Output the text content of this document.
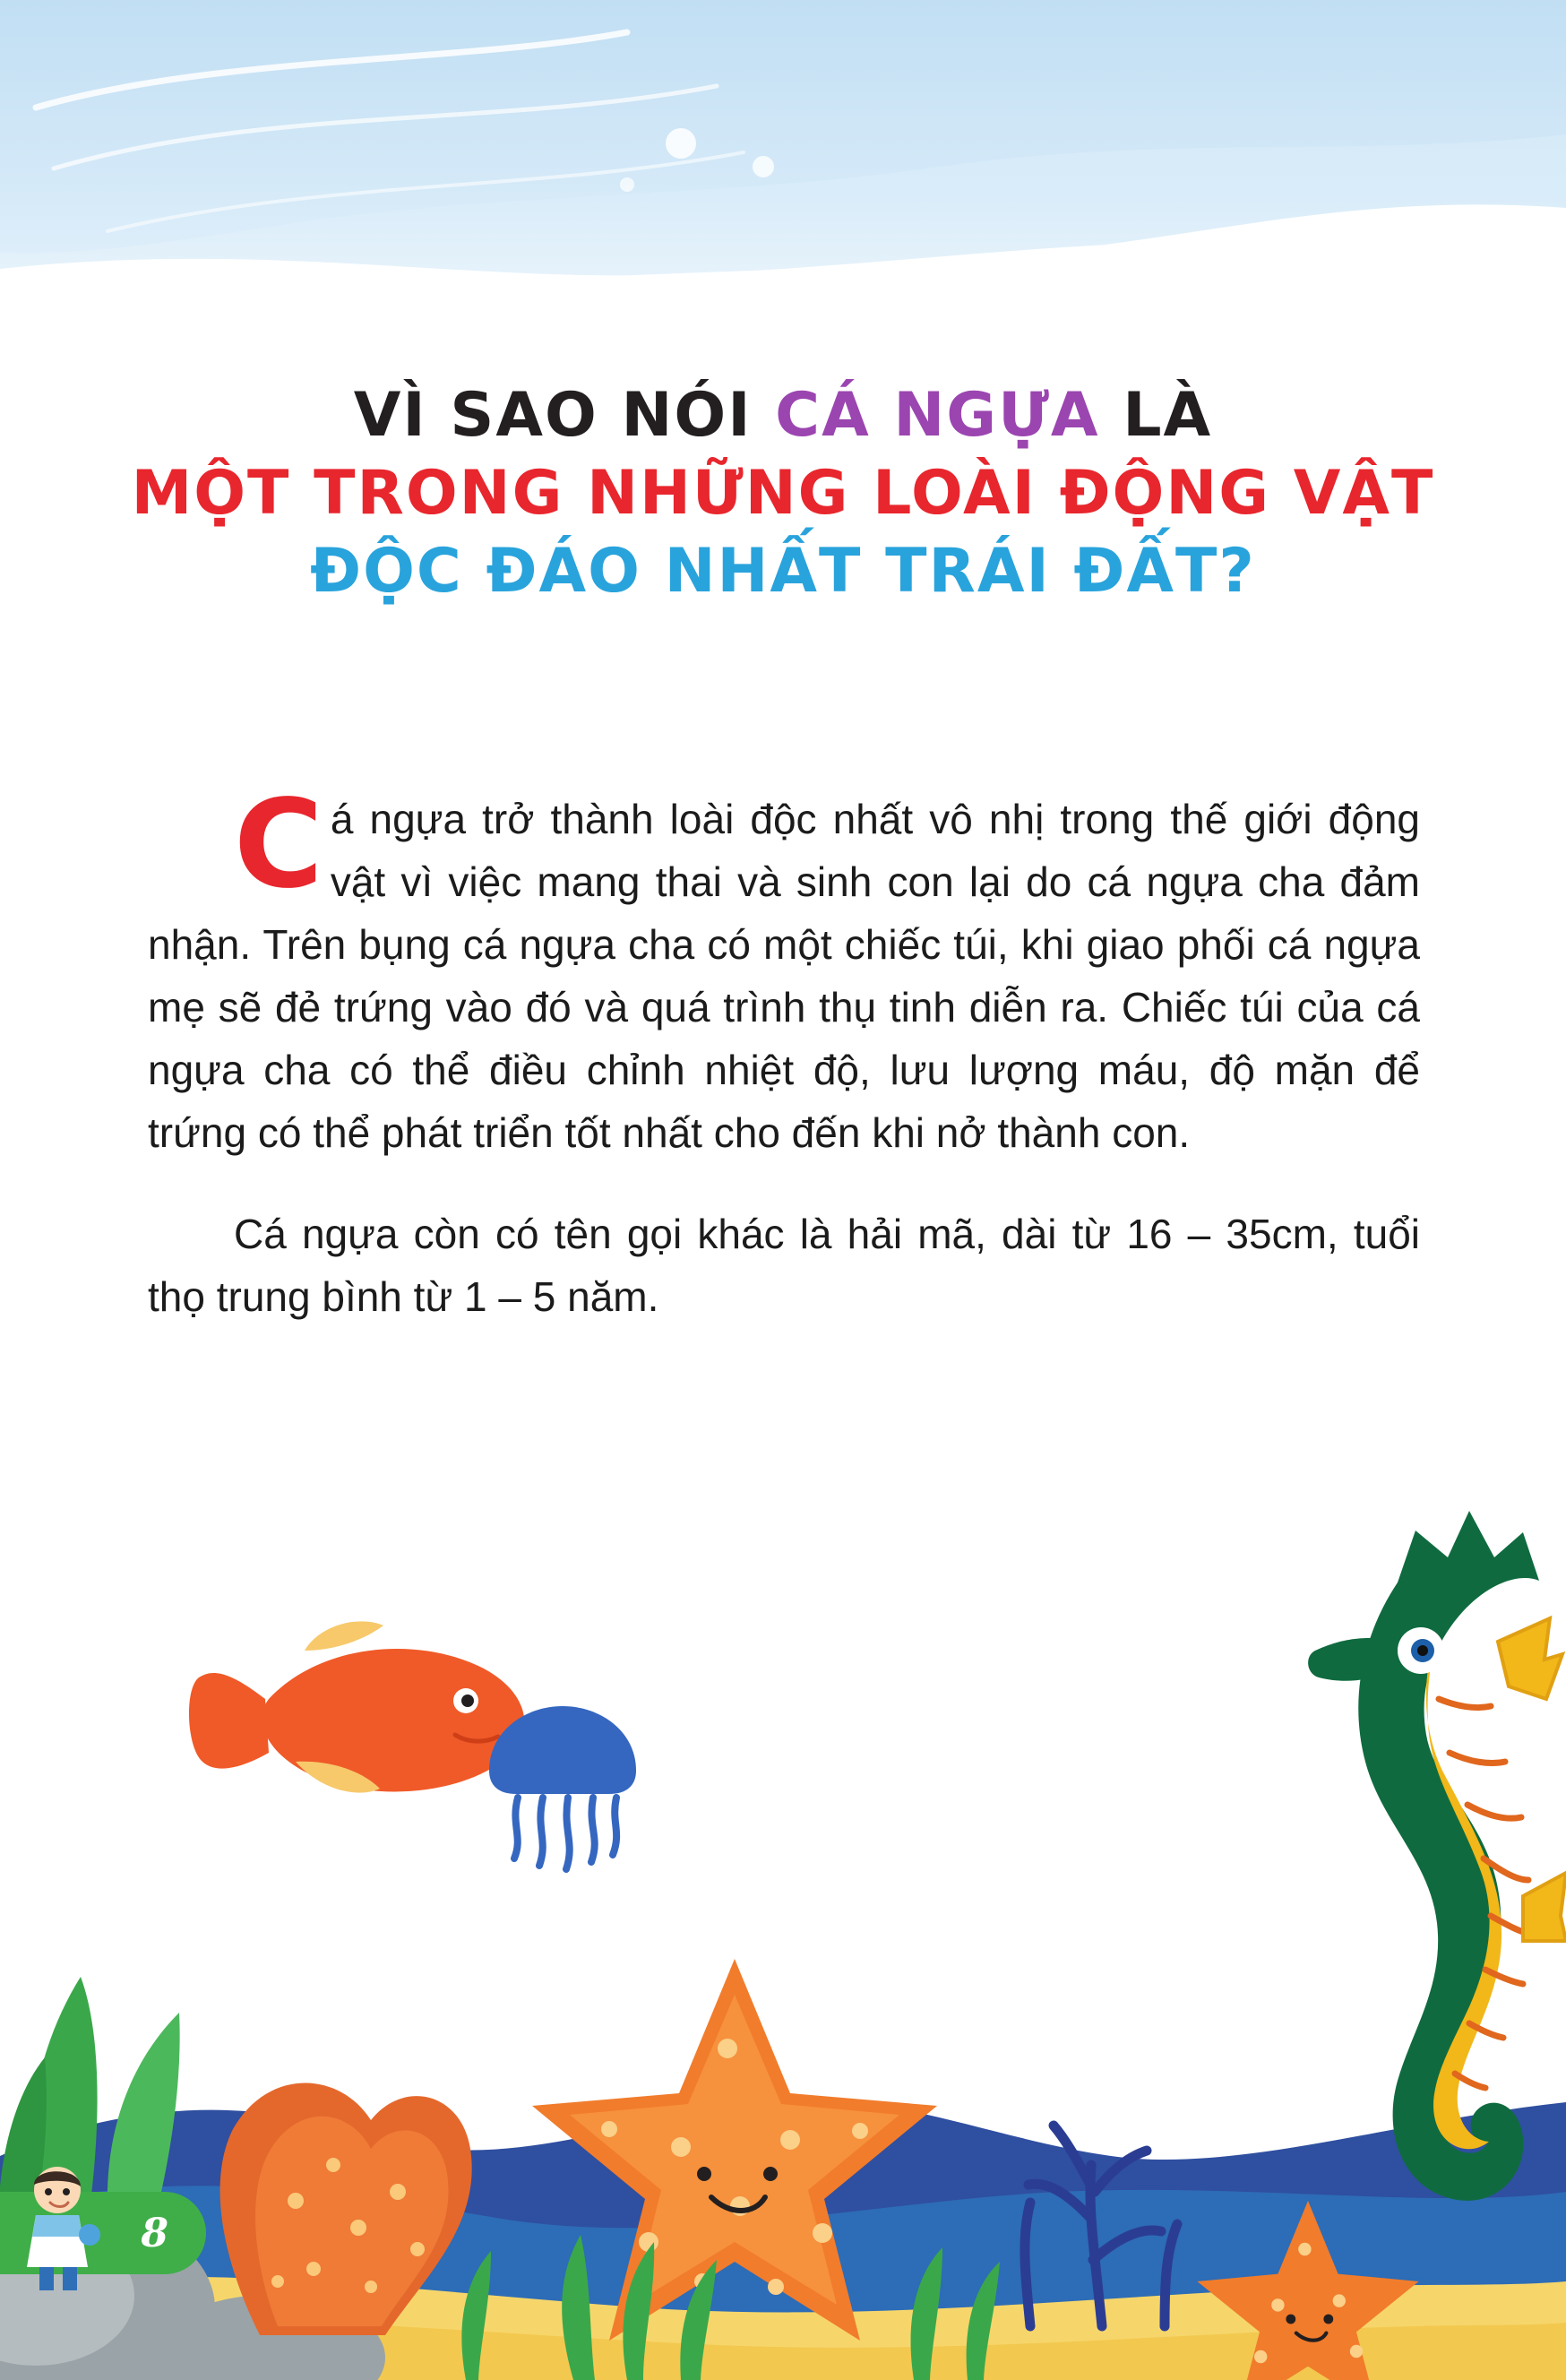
VÌ SAO NÓI CÁ NGỰA LÀ
MỘT TRONG NHỮNG LOÀI ĐỘNG VẬT
ĐỘC ĐÁO NHẤT TRÁI ĐẤT?

Cá ngựa trở thành loài độc nhất vô nhị trong thế giới động vật vì việc mang thai và sinh con lại do cá ngựa cha đảm nhận. Trên bụng cá ngựa cha có một chiếc túi, khi giao phối cá ngựa mẹ sẽ đẻ trứng vào đó và quá trình thụ tinh diễn ra. Chiếc túi của cá ngựa cha có thể điều chỉnh nhiệt độ, lưu lượng máu, độ mặn để trứng có thể phát triển tốt nhất cho đến khi nở thành con.

Cá ngựa còn có tên gọi khác là hải mã, dài từ 16 – 35cm, tuổi thọ trung bình từ 1 – 5 năm.

8
